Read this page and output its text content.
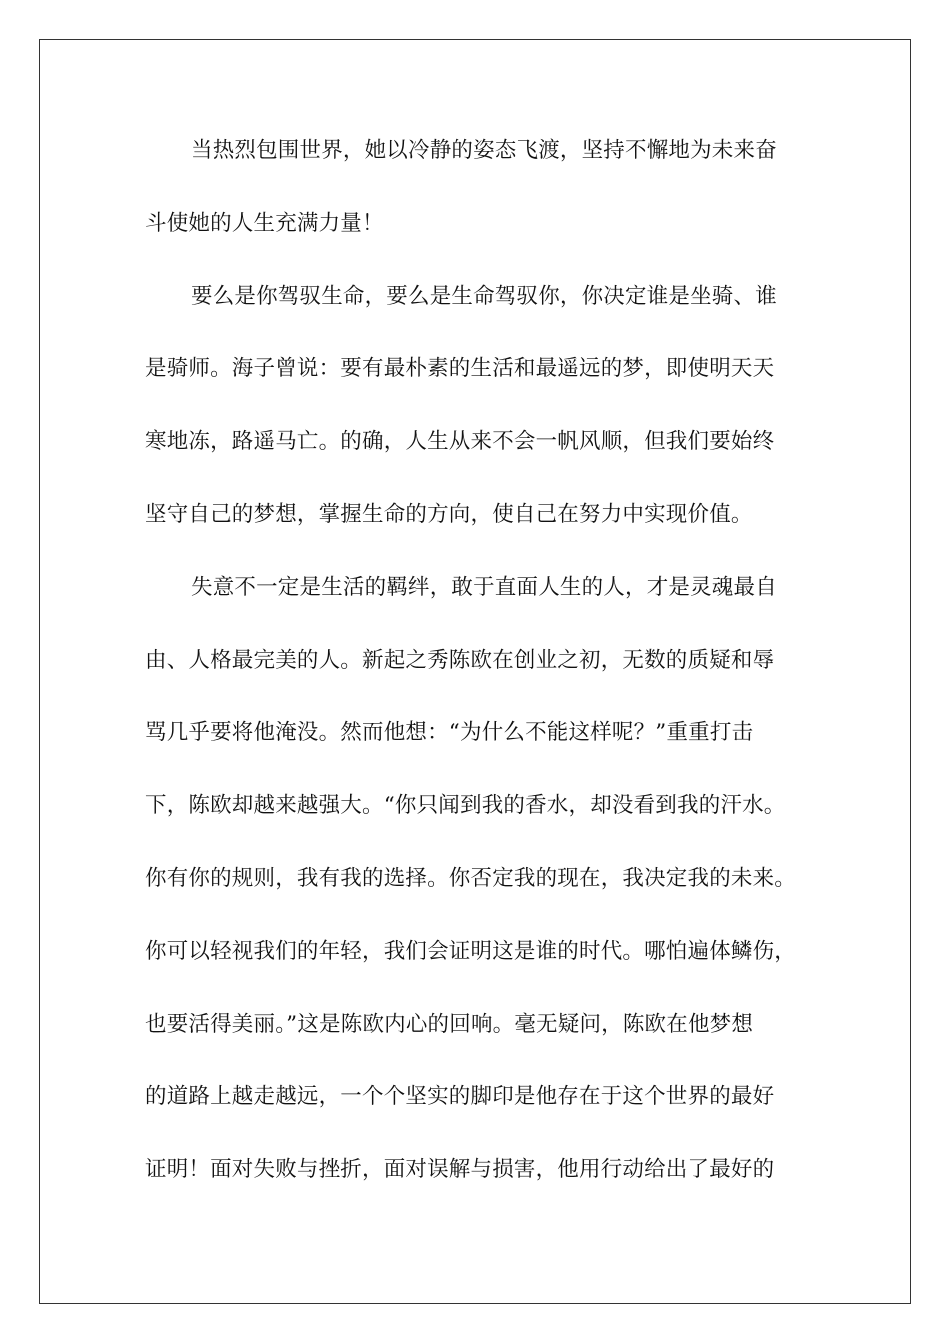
当热烈包围世界，她以冷静的姿态飞渡，坚持不懈地为未来奋
斗使她的人生充满力量！
要么是你驾驭生命，要么是生命驾驭你，你决定谁是坐骑、谁
是骑师。海子曾说：要有最朴素的生活和最遥远的梦，即使明天天
寒地冻，路遥马亡。的确，人生从来不会一帆风顺，但我们要始终
坚守自己的梦想，掌握生命的方向，使自己在努力中实现价值。
失意不一定是生活的羁绊，敢于直面人生的人，才是灵魂最自
由、人格最完美的人。新起之秀陈欧在创业之初，无数的质疑和辱
骂几乎要将他淹没。然而他想：“为什么不能这样呢？”重重打击
下，陈欧却越来越强大。“你只闻到我的香水，却没看到我的汗水。
你有你的规则，我有我的选择。你否定我的现在，我决定我的未来。
你可以轻视我们的年轻，我们会证明这是谁的时代。哪怕遍体鳞伤，
也要活得美丽。”这是陈欧内心的回响。毫无疑问，陈欧在他梦想
的道路上越走越远，一个个坚实的脚印是他存在于这个世界的最好
证明！面对失败与挫折，面对误解与损害，他用行动给出了最好的
